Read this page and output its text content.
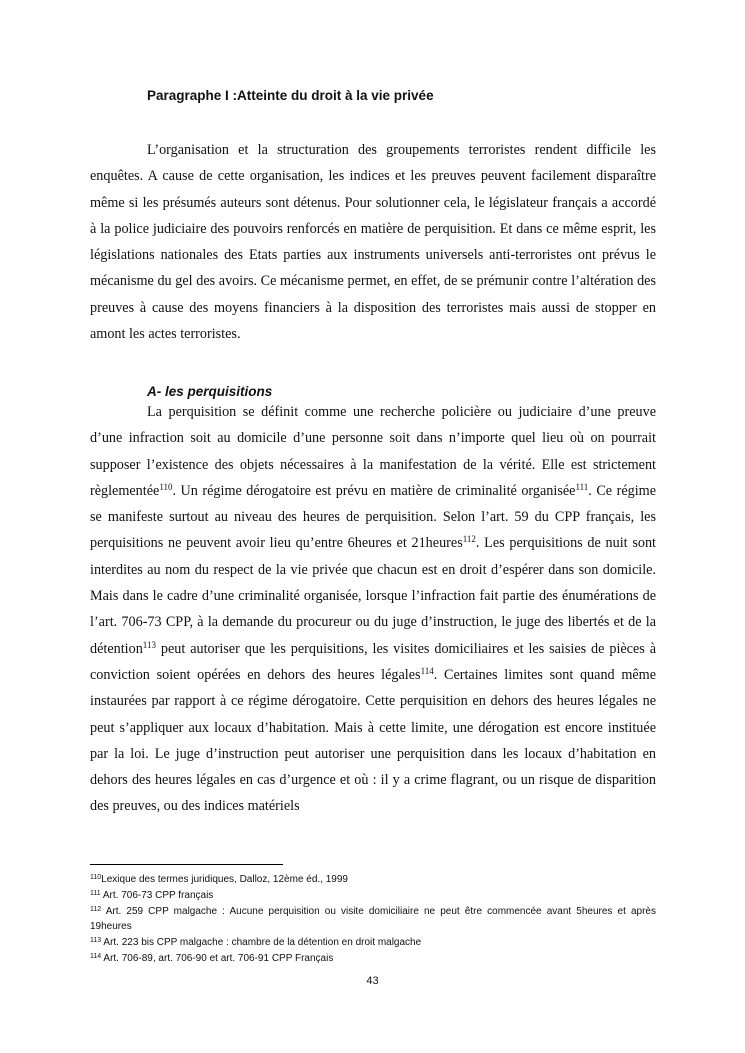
Paragraphe I :Atteinte du droit à la vie privée

L’organisation et la structuration des groupements terroristes rendent difficile les enquêtes. A cause de cette organisation, les indices et les preuves peuvent facilement disparaître même si les présumés auteurs sont détenus. Pour solutionner cela, le législateur français a accordé à la police judiciaire des pouvoirs renforcés en matière de perquisition. Et dans ce même esprit, les législations nationales des Etats parties aux instruments universels anti-terroristes ont prévus le mécanisme du gel des avoirs. Ce mécanisme permet, en effet, de se prémunir contre l’altération des preuves à cause des moyens financiers à la disposition des terroristes mais aussi de stopper en amont les actes terroristes.

A- les perquisitions

La perquisition se définit comme une recherche policière ou judiciaire d’une preuve d’une infraction soit au domicile d’une personne soit dans n’importe quel lieu où on pourrait supposer l’existence des objets nécessaires à la manifestation de la vérité. Elle est strictement règlementée$^{110}$. Un régime dérogatoire est prévu en matière de criminalité organisée$^{111}$. Ce régime se manifeste surtout au niveau des heures de perquisition. Selon l’art. 59 du CPP français, les perquisitions ne peuvent avoir lieu qu’entre 6heures et 21heures$^{112}$. Les perquisitions de nuit sont interdites au nom du respect de la vie privée que chacun est en droit d’espérer dans son domicile. Mais dans le cadre d’une criminalité organisée, lorsque l’infraction fait partie des énumérations de l’art. 706-73 CPP, à la demande du procureur ou du juge d’instruction, le juge des libertés et de la détention$^{113}$ peut autoriser que les perquisitions, les visites domiciliaires et les saisies de pièces à conviction soient opérées en dehors des heures légales$^{114}$. Certaines limites sont quand même instaurées par rapport à ce régime dérogatoire. Cette perquisition en dehors des heures légales ne peut s’appliquer aux locaux d’habitation. Mais à cette limite, une dérogation est encore instituée par la loi. Le juge d’instruction peut autoriser une perquisition dans les locaux d’habitation en dehors des heures légales en cas d’urgence et où : il y a crime flagrant, ou un risque de disparition des preuves, ou des indices matériels

$^{110}$Lexique des termes juridiques, Dalloz, 12ème éd., 1999

$^{111}$ Art. 706-73 CPP français

$^{112}$ Art. 259 CPP malgache : Aucune perquisition ou visite domiciliaire ne peut être commencée avant 5heures et après 19heures

$^{113}$ Art. 223 bis CPP malgache : chambre de la détention en droit malgache

$^{114}$ Art. 706-89, art. 706-90 et art. 706-91 CPP Français

43
